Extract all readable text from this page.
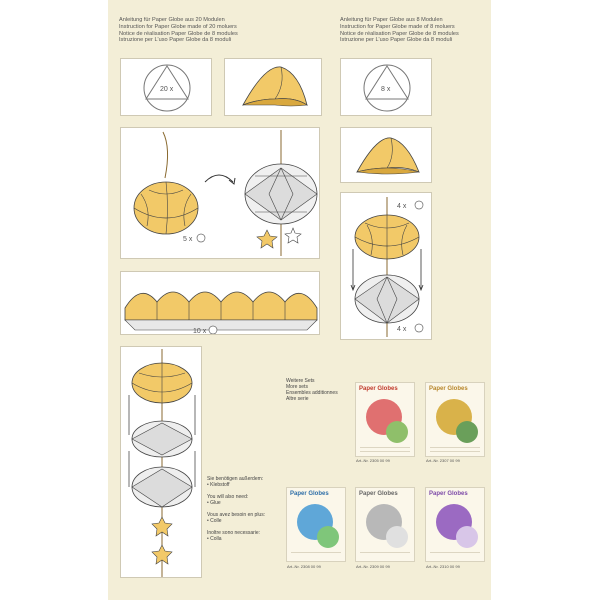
Anleitung für Paper Globe aus 20 Modulen
Instruction for Paper Globe made of 20 moluers
Notice de réalisation Paper Globe de 8 modules
Istruzione per L'uso Paper Globe da 8 moduli
Anleitung für Paper Globe aus 8 Modulen
Instruction for Paper Globe made of 8 moluers
Notice de réalisation Paper Globe de 8 modules
Istruzione per L'uso Paper Globe da 8 moduli
20 x	8 x
5 x
4 x
4 x
10 x
Weitere Sets
More sets
Ensembles additionnes
Altre serie
Paper Globes
Art.-Nr. 2305 00 99
Paper Globes
Art.-Nr. 2307 00 99
Paper Globes
Art.-Nr. 2308 00 99
Paper Globes
Art.-Nr. 2309 00 99
Paper Globes
Art.-Nr. 2310 00 99
Sie benötigen außerdem:
• Klebstoff

You will also need:
• Glue

Vous avez besoin en plus:
• Colle

Inoltre sono necessarie:
• Colla
